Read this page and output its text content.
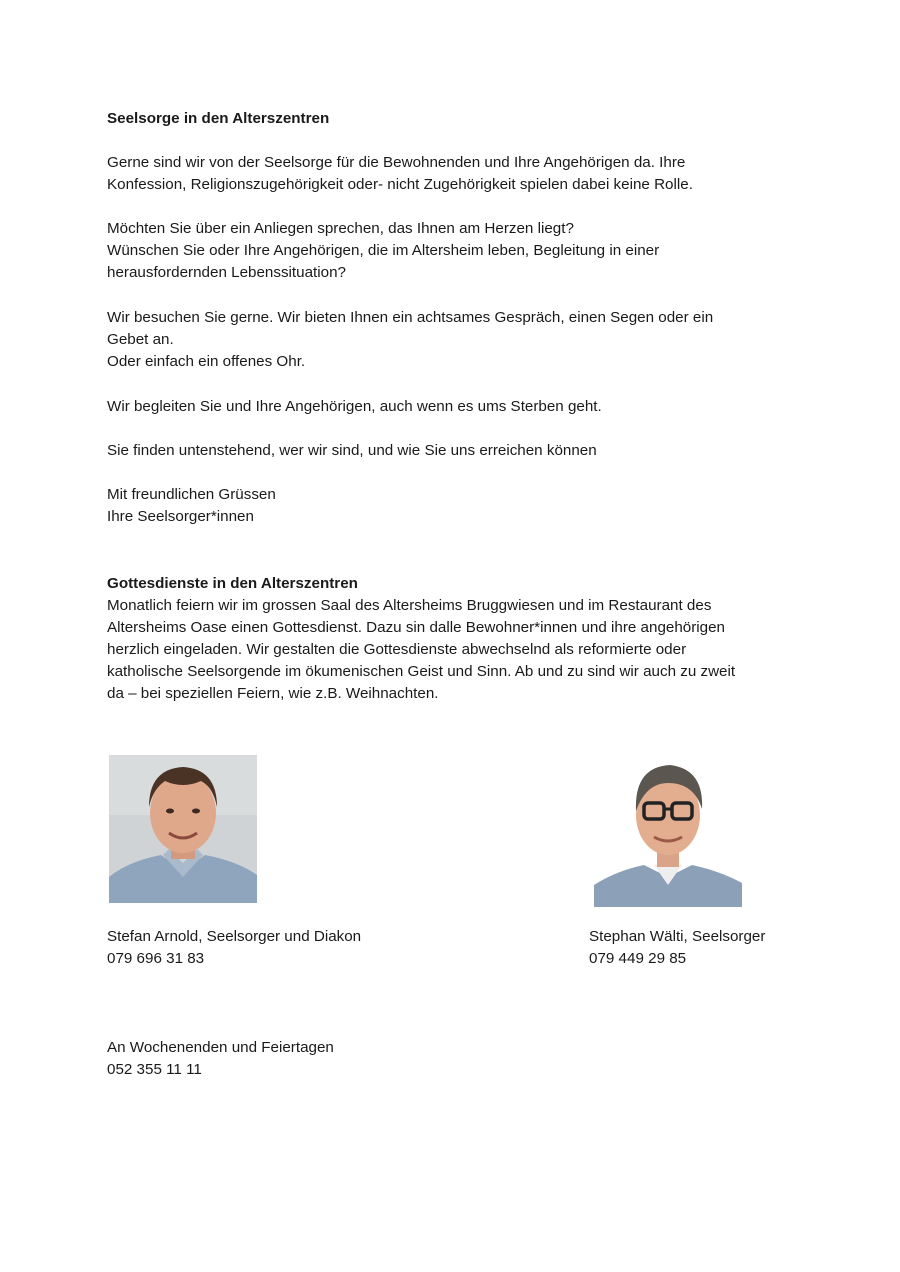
Seelsorge in den Alterszentren
Gerne sind wir von der Seelsorge für die Bewohnenden und Ihre Angehörigen da. Ihre
Konfession, Religionszugehörigkeit oder- nicht Zugehörigkeit spielen dabei keine Rolle.
Möchten Sie über ein Anliegen sprechen, das Ihnen am Herzen liegt?
Wünschen Sie oder Ihre Angehörigen, die im Altersheim leben, Begleitung in einer
herausfordernden Lebenssituation?
Wir besuchen Sie gerne. Wir bieten Ihnen ein achtsames Gespräch, einen Segen oder ein
Gebet an.
Oder einfach ein offenes Ohr.
Wir begleiten Sie und Ihre Angehörigen, auch wenn es ums Sterben geht.
Sie finden untenstehend, wer wir sind, und wie Sie uns erreichen können
Mit freundlichen Grüssen
Ihre Seelsorger*innen
Gottesdienste in den Alterszentren
Monatlich feiern wir im grossen Saal des Altersheims Bruggwiesen und im Restaurant des
Altersheims Oase einen Gottesdienst. Dazu sin dalle Bewohner*innen und ihre angehörigen
herzlich eingeladen. Wir gestalten die Gottesdienste abwechselnd als reformierte oder
katholische Seelsorgende im ökumenischen Geist und Sinn. Ab und zu sind wir auch zu zweit
da – bei speziellen Feiern, wie z.B. Weihnachten.
Stefan Arnold, Seelsorger und Diakon
079 696 31 83
Stephan Wälti, Seelsorger
079 449 29 85
An Wochenenden und Feiertagen
052 355 11 11
